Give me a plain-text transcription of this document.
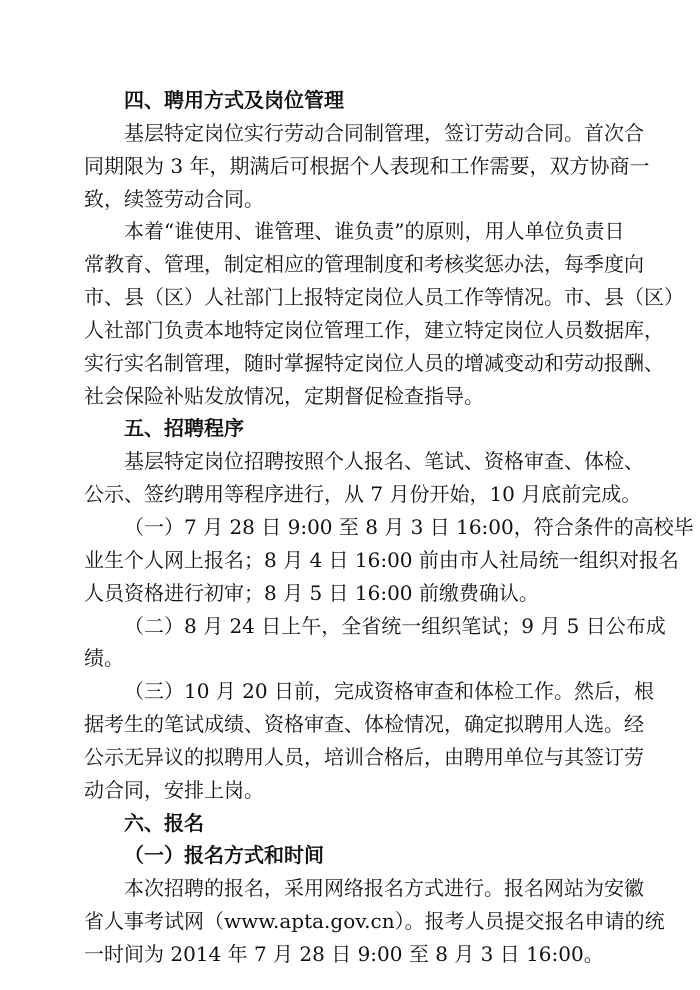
四、聘用方式及岗位管理
基层特定岗位实行劳动合同制管理，签订劳动合同。首次合
同期限为 3 年，期满后可根据个人表现和工作需要，双方协商一
致，续签劳动合同。
本着“谁使用、谁管理、谁负责”的原则，用人单位负责日
常教育、管理，制定相应的管理制度和考核奖惩办法，每季度向
市、县（区）人社部门上报特定岗位人员工作等情况。市、县（区）
人社部门负责本地特定岗位管理工作，建立特定岗位人员数据库，
实行实名制管理，随时掌握特定岗位人员的增减变动和劳动报酬、
社会保险补贴发放情况，定期督促检查指导。
五、招聘程序
基层特定岗位招聘按照个人报名、笔试、资格审查、体检、
公示、签约聘用等程序进行，从 7 月份开始，10 月底前完成。
（一）7 月 28 日 9:00 至 8 月 3 日 16:00，符合条件的高校毕
业生个人网上报名；8 月 4 日 16:00 前由市人社局统一组织对报名
人员资格进行初审；8 月 5 日 16:00 前缴费确认。
（二）8 月 24 日上午，全省统一组织笔试；9 月 5 日公布成
绩。
（三）10 月 20 日前，完成资格审查和体检工作。然后，根
据考生的笔试成绩、资格审查、体检情况，确定拟聘用人选。经
公示无异议的拟聘用人员，培训合格后，由聘用单位与其签订劳
动合同，安排上岗。
六、报名
（一）报名方式和时间
本次招聘的报名，采用网络报名方式进行。报名网站为安徽
省人事考试网（www.apta.gov.cn）。报考人员提交报名申请的统
一时间为 2014 年 7 月 28 日 9:00 至 8 月 3 日 16:00。
